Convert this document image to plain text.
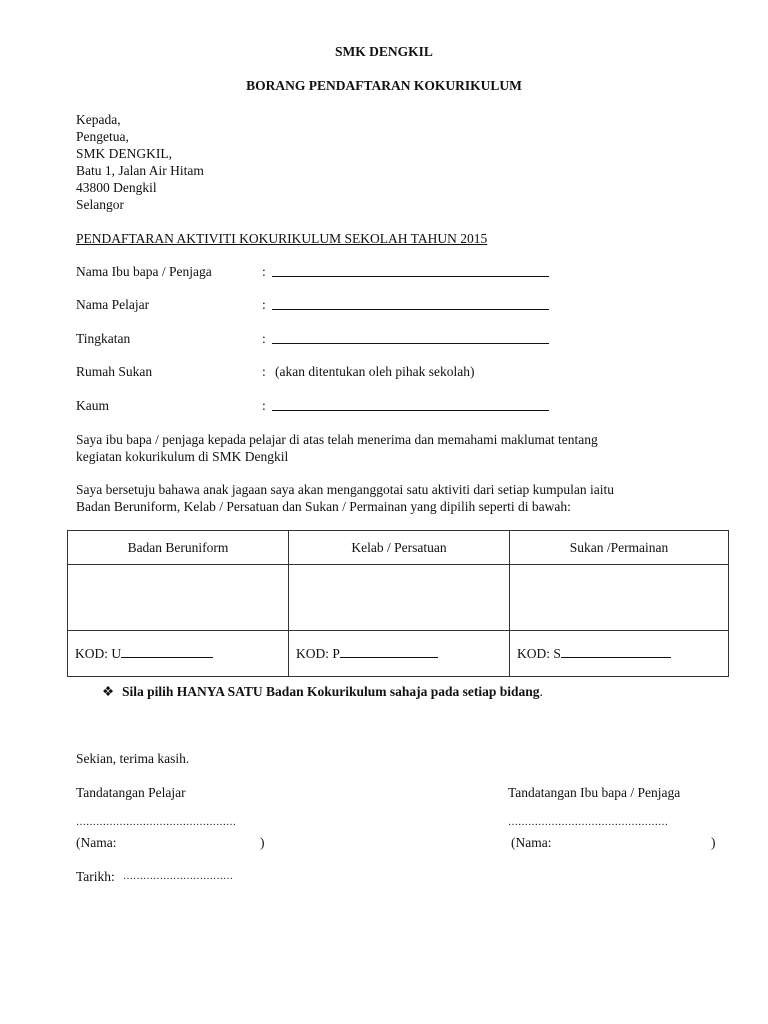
SMK DENGKIL
BORANG PENDAFTARAN KOKURIKULUM
Kepada,
Pengetua,
SMK DENGKIL,
Batu 1, Jalan Air Hitam
43800 Dengkil
Selangor
PENDAFTARAN AKTIVITI KOKURIKULUM SEKOLAH TAHUN 2015
Nama Ibu bapa / Penjaga	:
Nama Pelajar	:
Tingkatan	:
Rumah Sukan	: (akan ditentukan oleh pihak sekolah)
Kaum	:
Saya ibu bapa / penjaga kepada pelajar di atas telah menerima dan memahami maklumat tentang
kegiatan kokurikulum di SMK Dengkil
Saya bersetuju bahawa anak jagaan saya akan menganggotai satu aktiviti dari setiap kumpulan iaitu
Badan Beruniform, Kelab / Persatuan dan Sukan / Permainan yang dipilih seperti di bawah:
Badan Beruniform	Kelab / Persatuan	Sukan /Permainan

KOD: U	KOD: P	KOD: S
❖ Sila pilih HANYA SATU Badan Kokurikulum sahaja pada setiap bidang.
Sekian, terima kasih.
Tandatangan Pelajar	Tandatangan Ibu bapa / Penjaga
…………………………………………	…………………………………………
(Nama:	)	(Nama:	)
Tarikh: ……………………………
